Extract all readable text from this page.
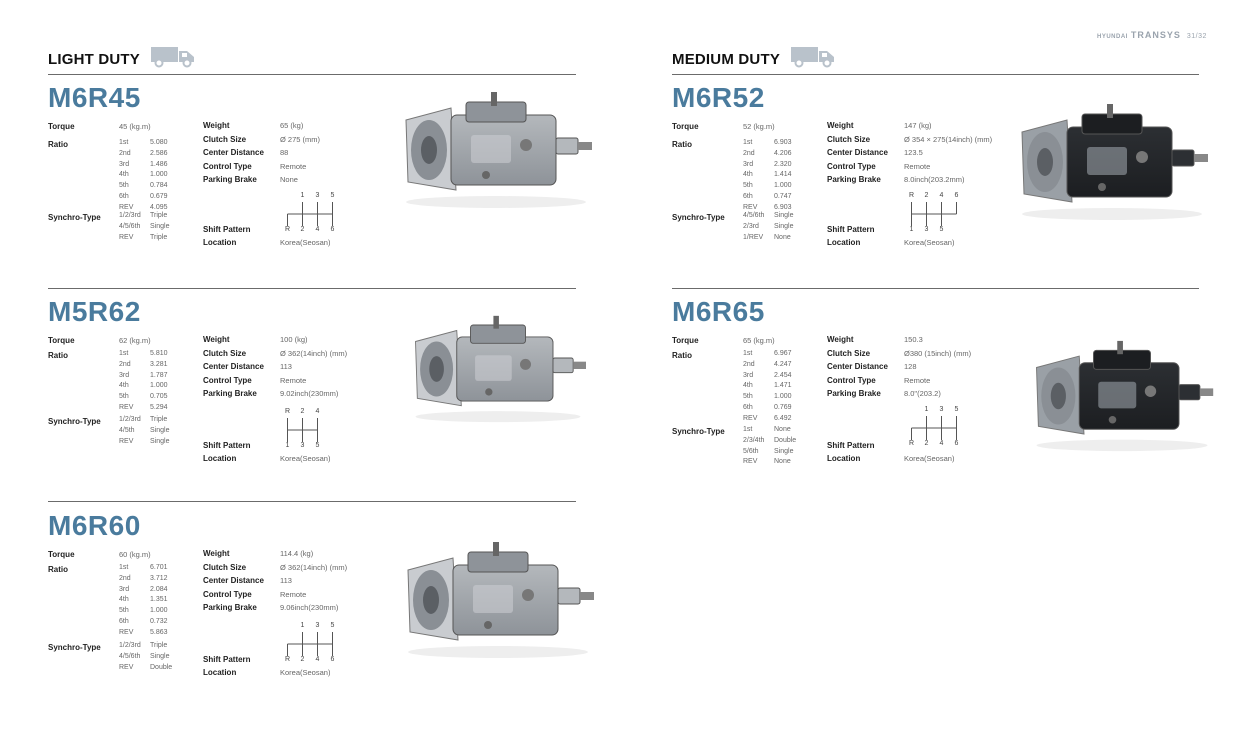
HYUNDAI TRANSYS 31/32
LIGHT DUTY	MEDIUM DUTY
M6R45
Torque	45 (kg.m)
Ratio	1st	5.080
2nd	2.586
3rd	1.486
4th	1.000
5th	0.784
6th	0.679
REV	4.095
Synchro-Type	1/2/3rd	Triple
4/5/6th	Single
REV	Triple
Weight	65 (kg)
Clutch Size	Ø 275 (mm)
Center Distance	88
Control Type	Remote
Parking Brake	None
Shift Pattern
Location	Korea(Seosan)
1	3	5
R	2	4	6
M5R62
Torque	62 (kg.m)
Ratio	1st	5.810
2nd	3.281
3rd	1.787
4th	1.000
5th	0.705
REV	5.294
Synchro-Type	1/2/3rd	Triple
4/5th	Single
REV	Single
Weight	100 (kg)
Clutch Size	Ø 362(14inch) (mm)
Center Distance	113
Control Type	Remote
Parking Brake	9.02inch(230mm)
Shift Pattern
Location	Korea(Seosan)
R	2	4
1	3	5
M6R60
Torque	60 (kg.m)
Ratio	1st	6.701
2nd	3.712
3rd	2.084
4th	1.351
5th	1.000
6th	0.732
REV	5.863
Synchro-Type	1/2/3rd	Triple
4/5/6th	Single
REV	Double
Weight	114.4 (kg)
Clutch Size	Ø 362(14inch) (mm)
Center Distance	113
Control Type	Remote
Parking Brake	9.06inch(230mm)
Shift Pattern
Location	Korea(Seosan)
1	3	5
R	2	4	6
M6R52
Torque	52 (kg.m)
Ratio	1st	6.903
2nd	4.206
3rd	2.320
4th	1.414
5th	1.000
6th	0.747
REV	6.903
Synchro-Type	4/5/6th	Single
2/3rd	Single
1/REV	None
Weight	147 (kg)
Clutch Size	Ø 354 × 275(14inch) (mm)
Center Distance	123.5
Control Type	Remote
Parking Brake	8.0inch(203.2mm)
Shift Pattern
Location	Korea(Seosan)
R	2	4	6
1	3	5
M6R65
Torque	65 (kg.m)
Ratio	1st	6.967
2nd	4.247
3rd	2.454
4th	1.471
5th	1.000
6th	0.769
REV	6.492
Synchro-Type	1st	None
2/3/4th	Double
5/6th	Single
REV	None
Weight	150.3
Clutch Size	Ø380 (15inch) (mm)
Center Distance	128
Control Type	Remote
Parking Brake	8.0"(203.2)
Shift Pattern
Location	Korea(Seosan)
1	3	5
R	2	4	6
